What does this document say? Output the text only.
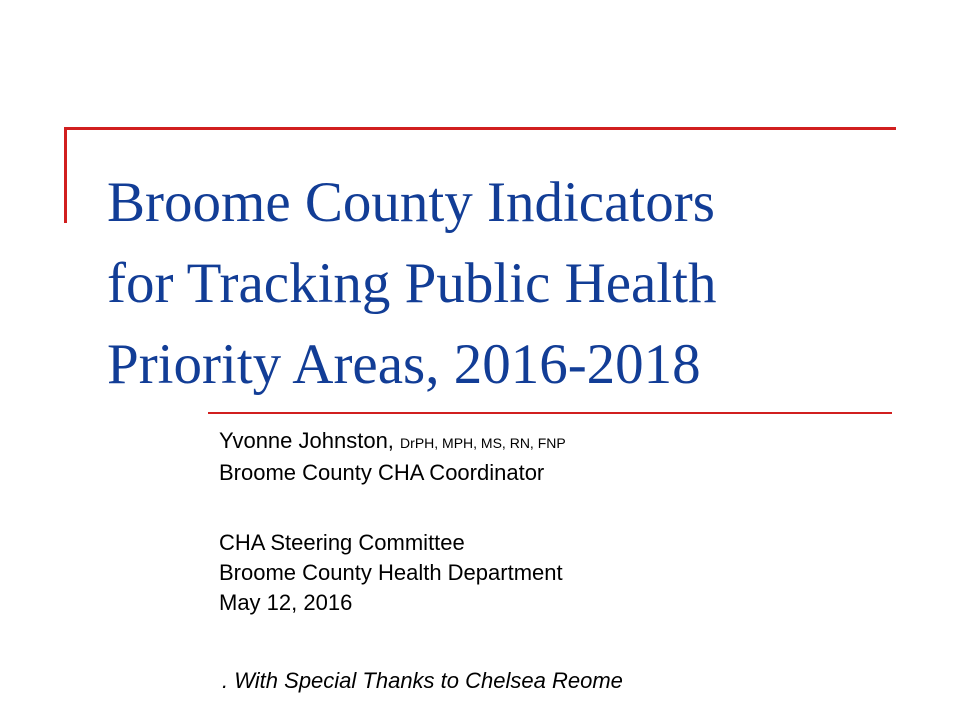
Broome County Indicators
for Tracking Public Health
Priority Areas, 2016-2018
Yvonne Johnston, DrPH, MPH, MS, RN, FNP
Broome County CHA Coordinator
CHA Steering Committee
Broome County Health Department
May 12, 2016
. With Special Thanks to Chelsea Reome
